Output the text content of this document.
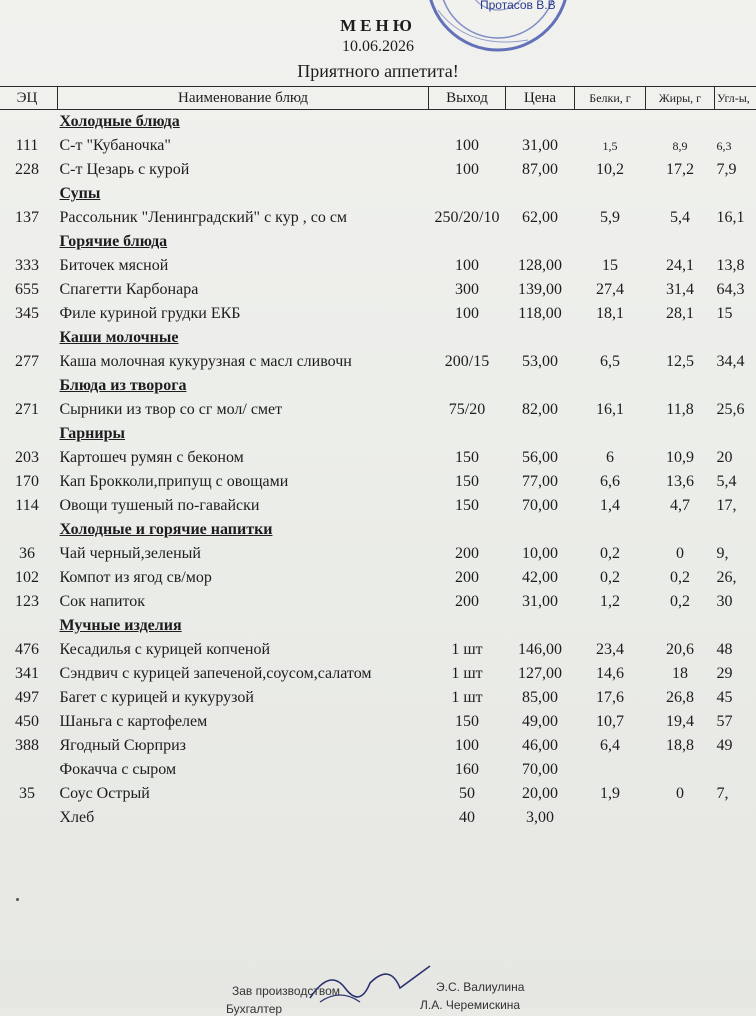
Протасов В.В
МЕНЮ
10.06.2026
Приятного аппетита!
ЭЦ	Наименование блюд	Выход	Цена	Белки, г	Жиры, г	Угл-ы,
	Холодные блюда					
111	С-т "Кубаночка"	100	31,00	1,5	8,9	6,3
228	С-т Цезарь с курой	100	87,00	10,2	17,2	7,9
	Супы					
137	Рассольник "Ленинградский" с кур , со см	250/20/10	62,00	5,9	5,4	16,1
	Горячие блюда					
333	Биточек мясной	100	128,00	15	24,1	13,8
655	Спагетти Карбонара	300	139,00	27,4	31,4	64,3
345	Филе куриной грудки ЕКБ	100	118,00	18,1	28,1	15
	Каши молочные					
277	Каша молочная кукурузная с масл сливочн	200/15	53,00	6,5	12,5	34,4
	Блюда из творога					
271	Сырники из твор со сг мол/ смет	75/20	82,00	16,1	11,8	25,6
	Гарниры					
203	Картошеч румян с беконом	150	56,00	6	10,9	20
170	Кап Брокколи,припущ с овощами	150	77,00	6,6	13,6	5,4
114	Овощи тушеный по-гавайски	150	70,00	1,4	4,7	17,
	Холодные и горячие напитки					
36	Чай черный,зеленый	200	10,00	0,2	0	9,
102	Компот из ягод св/мор	200	42,00	0,2	0,2	26,
123	Сок напиток	200	31,00	1,2	0,2	30
	Мучные изделия					
476	Кесадилья с курицей копченой	1 шт	146,00	23,4	20,6	48
341	Сэндвич с курицей запеченой,соусом,салатом	1 шт	127,00	14,6	18	29
497	Багет с курицей и кукурузой	1 шт	85,00	17,6	26,8	45
450	Шаньга с картофелем	150	49,00	10,7	19,4	57
388	Ягодный Сюрприз	100	46,00	6,4	18,8	49
	Фокачча с сыром	160	70,00			
35	Соус Острый	50	20,00	1,9	0	7,
	Хлеб	40	3,00			
Зав производством	Э.С. Валиулина
Бухгалтер	Л.А. Черемискина
